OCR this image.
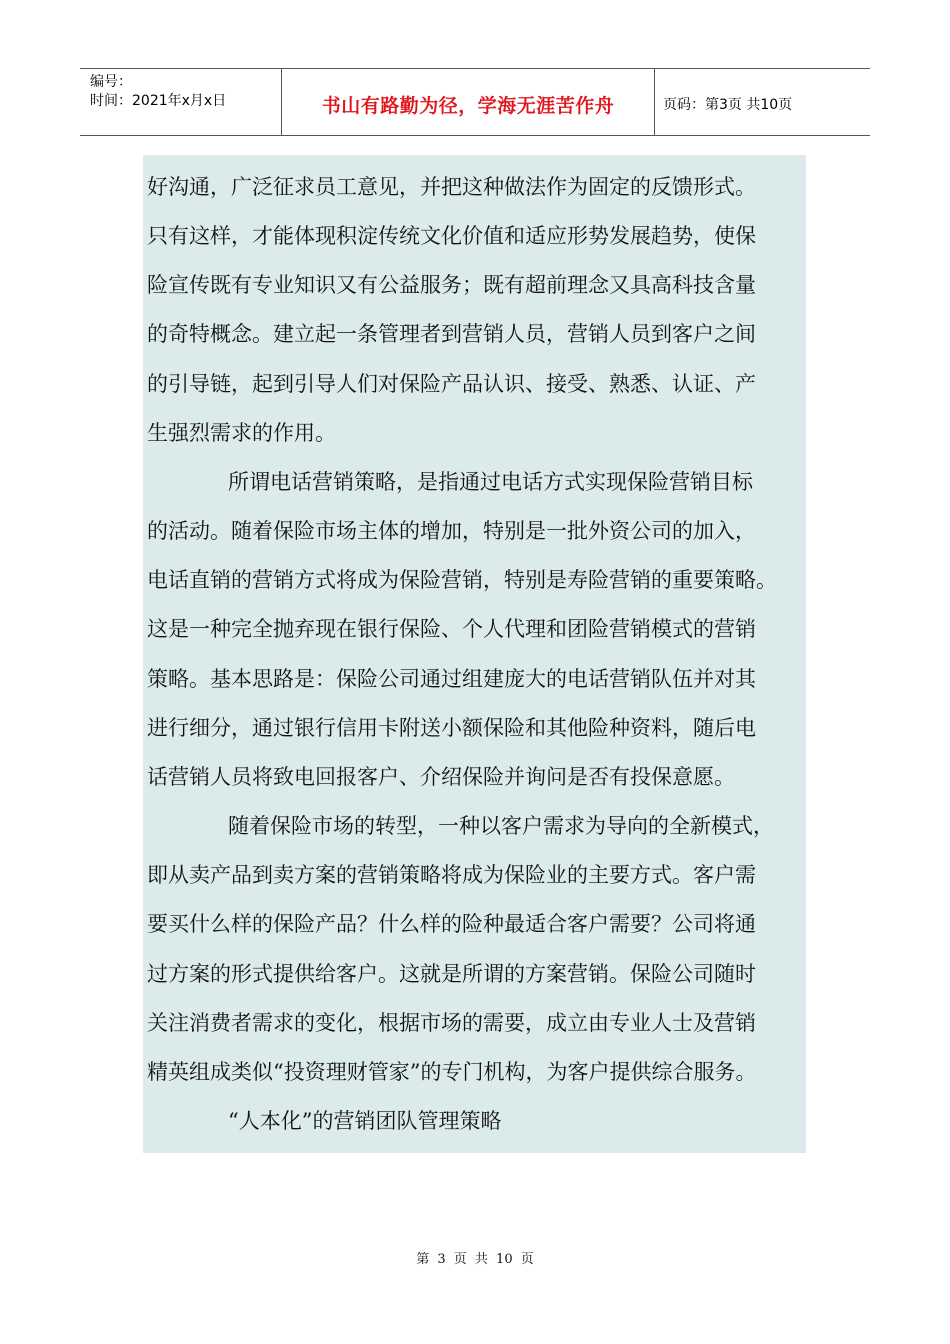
编号：
时间：2021年x月x日	书山有路勤为径，学海无涯苦作舟	页码：第3页 共10页
好沟通，广泛征求员工意见，并把这种做法作为固定的反馈形式。
只有这样，才能体现积淀传统文化价值和适应形势发展趋势，使保
险宣传既有专业知识又有公益服务；既有超前理念又具高科技含量
的奇特概念。建立起一条管理者到营销人员，营销人员到客户之间
的引导链，起到引导人们对保险产品认识、接受、熟悉、认证、产
生强烈需求的作用。
所谓电话营销策略，是指通过电话方式实现保险营销目标
的活动。随着保险市场主体的增加，特别是一批外资公司的加入，
电话直销的营销方式将成为保险营销，特别是寿险营销的重要策略。
这是一种完全抛弃现在银行保险、个人代理和团险营销模式的营销
策略。基本思路是：保险公司通过组建庞大的电话营销队伍并对其
进行细分，通过银行信用卡附送小额保险和其他险种资料，随后电
话营销人员将致电回报客户、介绍保险并询问是否有投保意愿。
随着保险市场的转型，一种以客户需求为导向的全新模式，
即从卖产品到卖方案的营销策略将成为保险业的主要方式。客户需
要买什么样的保险产品？什么样的险种最适合客户需要？公司将通
过方案的形式提供给客户。这就是所谓的方案营销。保险公司随时
关注消费者需求的变化，根据市场的需要，成立由专业人士及营销
精英组成类似“投资理财管家”的专门机构，为客户提供综合服务。
“人本化”的营销团队管理策略
第 3 页 共 10 页
